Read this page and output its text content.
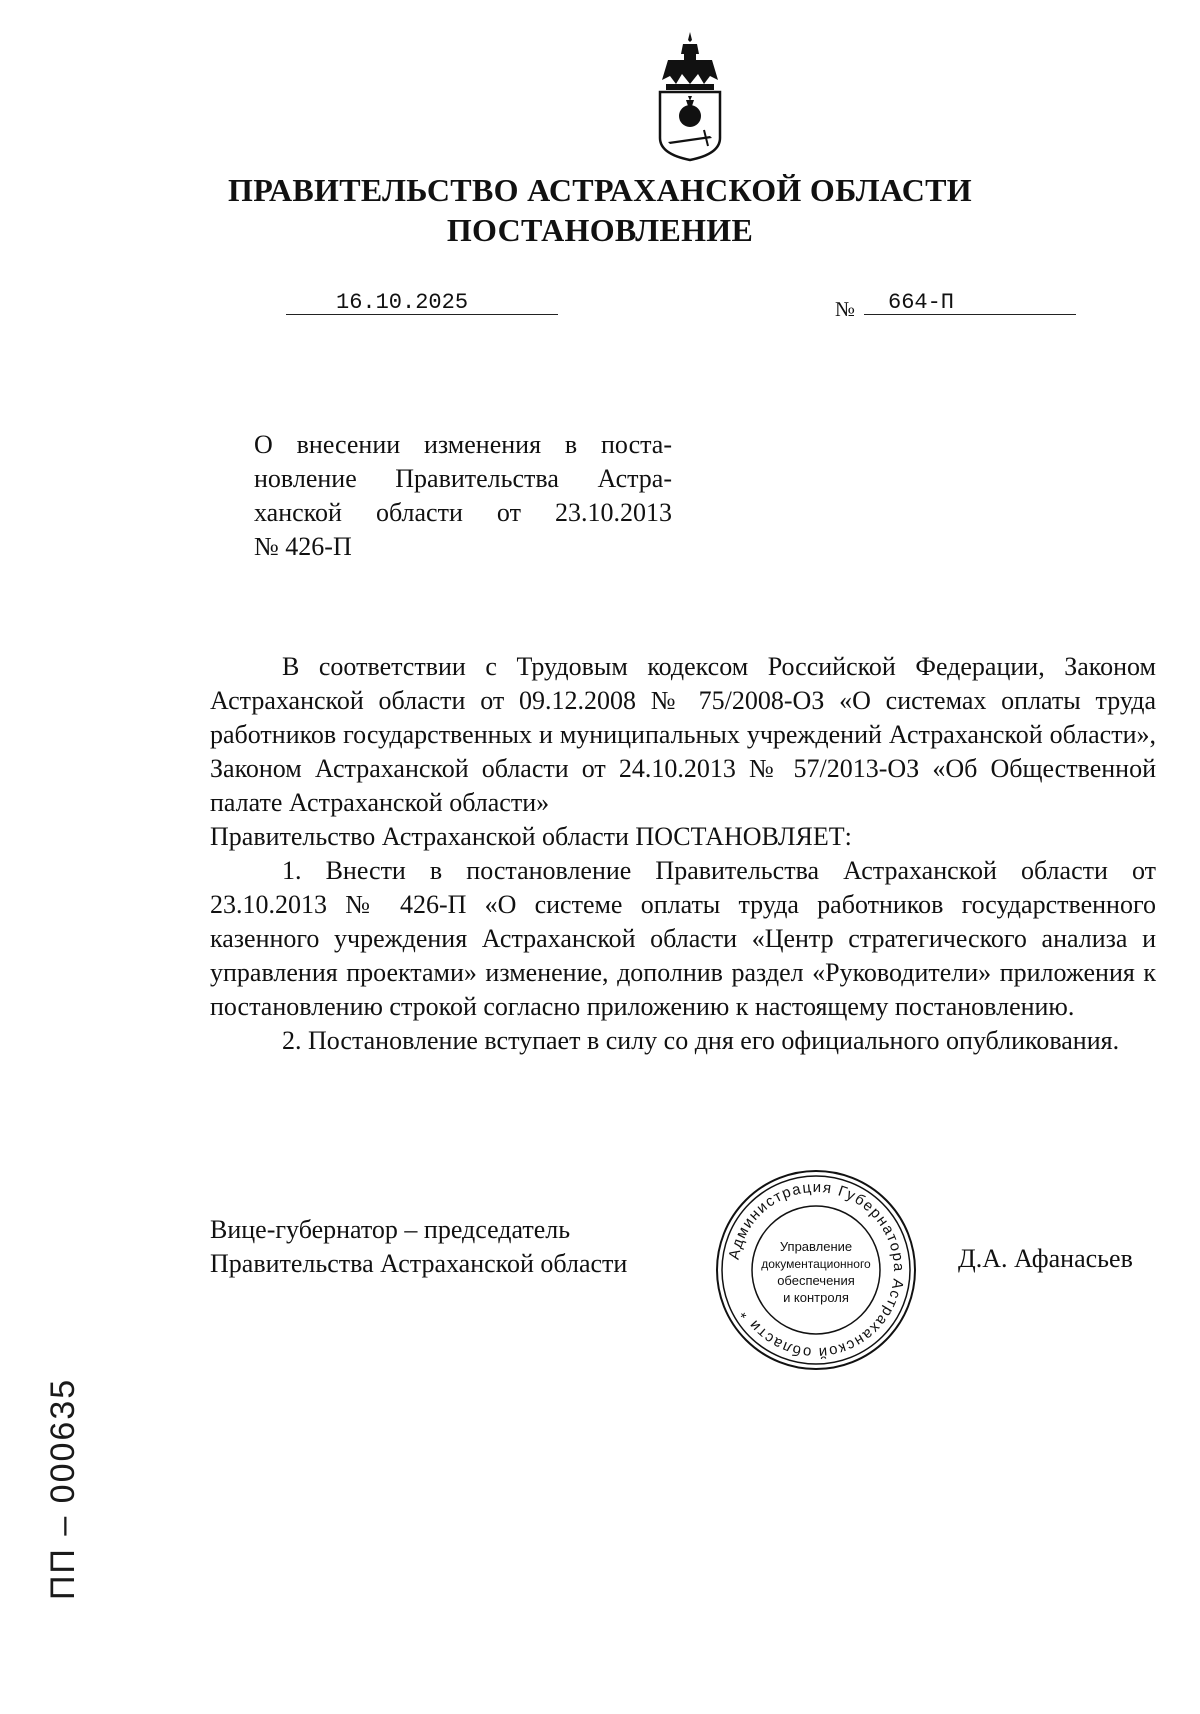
ПРАВИТЕЛЬСТВО АСТРАХАНСКОЙ ОБЛАСТИ
ПОСТАНОВЛЕНИЕ
16.10.2025	№ 664-П
О внесении изменения в поста-
новление Правительства Астра-
ханской области от 23.10.2013
№ 426-П

В соответствии с Трудовым кодексом Российской Федерации, Законом Астраханской области от 09.12.2008 № 75/2008-ОЗ «О системах оплаты труда работников государственных и муниципальных учреждений Астраханской области», Законом Астраханской области от 24.10.2013 № 57/2013-ОЗ «Об Общественной палате Астраханской области»

Правительство Астраханской области ПОСТАНОВЛЯЕТ:

1. Внести в постановление Правительства Астраханской области от 23.10.2013 № 426-П «О системе оплаты труда работников государственного казенного учреждения Астраханской области «Центр стратегического анализа и управления проектами» изменение, дополнив раздел «Руководители» приложения к постановлению строкой согласно приложению к настоящему постановлению.

2. Постановление вступает в силу со дня его официального опубликования.

Вице-губернатор – председатель
Правительства Астраханской области	Д.А. Афанасьев
Администрация Губернатора Астраханской области *
Управление
документационного
обеспечения
и контроля
ПП – 000635
